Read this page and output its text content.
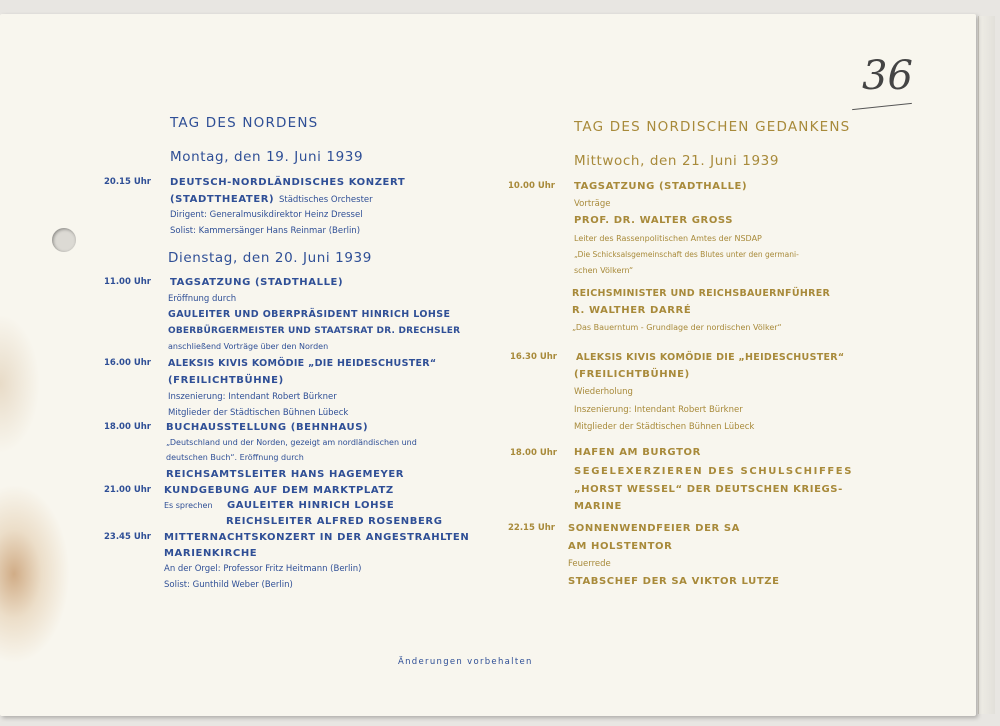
36
TAG DES NORDENS
Montag, den 19. Juni 1939
20.15 Uhr DEUTSCH-NORDLÄNDISCHES KONZERT
(STADTTHEATER) Städtisches Orchester
Dirigent: Generalmusikdirektor Heinz Dressel
Solist: Kammersänger Hans Reinmar (Berlin)
Dienstag, den 20. Juni 1939
11.00 Uhr TAGSATZUNG (STADTHALLE)
Eröffnung durch
GAULEITER UND OBERPRÄSIDENT HINRICH LOHSE
OBERBÜRGERMEISTER UND STAATSRAT DR. DRECHSLER
anschließend Vorträge über den Norden
16.00 Uhr ALEKSIS KIVIS KOMÖDIE „DIE HEIDESCHUSTER“
(FREILICHTBÜHNE)
Inszenierung: Intendant Robert Bürkner
Mitglieder der Städtischen Bühnen Lübeck
18.00 Uhr BUCHAUSSTELLUNG (BEHNHAUS)
„Deutschland und der Norden, gezeigt am nordländischen und
deutschen Buch“. Eröffnung durch
REICHSAMTSLEITER HANS HAGEMEYER
21.00 Uhr KUNDGEBUNG AUF DEM MARKTPLATZ
Es sprechen GAULEITER HINRICH LOHSE
REICHSLEITER ALFRED ROSENBERG
23.45 Uhr MITTERNACHTSKONZERT IN DER ANGESTRAHLTEN
MARIENKIRCHE
An der Orgel: Professor Fritz Heitmann (Berlin)
Solist: Gunthild Weber (Berlin)
TAG DES NORDISCHEN GEDANKENS
Mittwoch, den 21. Juni 1939
10.00 Uhr TAGSATZUNG (STADTHALLE)
Vorträge
PROF. DR. WALTER GROSS
Leiter des Rassenpolitischen Amtes der NSDAP
„Die Schicksalsgemeinschaft des Blutes unter den germani-
schen Völkern“
REICHSMINISTER UND REICHSBAUERNFÜHRER
R. WALTHER DARRÉ
„Das Bauerntum - Grundlage der nordischen Völker“
16.30 Uhr ALEKSIS KIVIS KOMÖDIE DIE „HEIDESCHUSTER“
(FREILICHTBÜHNE)
Wiederholung
Inszenierung: Intendant Robert Bürkner
Mitglieder der Städtischen Bühnen Lübeck
18.00 Uhr HAFEN AM BURGTOR
SEGELEXERZIEREN DES SCHULSCHIFFES
„HORST WESSEL“ DER DEUTSCHEN KRIEGS-
MARINE
22.15 Uhr SONNENWENDFEIER DER SA
AM HOLSTENTOR
Feuerrede
STABSCHEF DER SA VIKTOR LUTZE
Änderungen vorbehalten
